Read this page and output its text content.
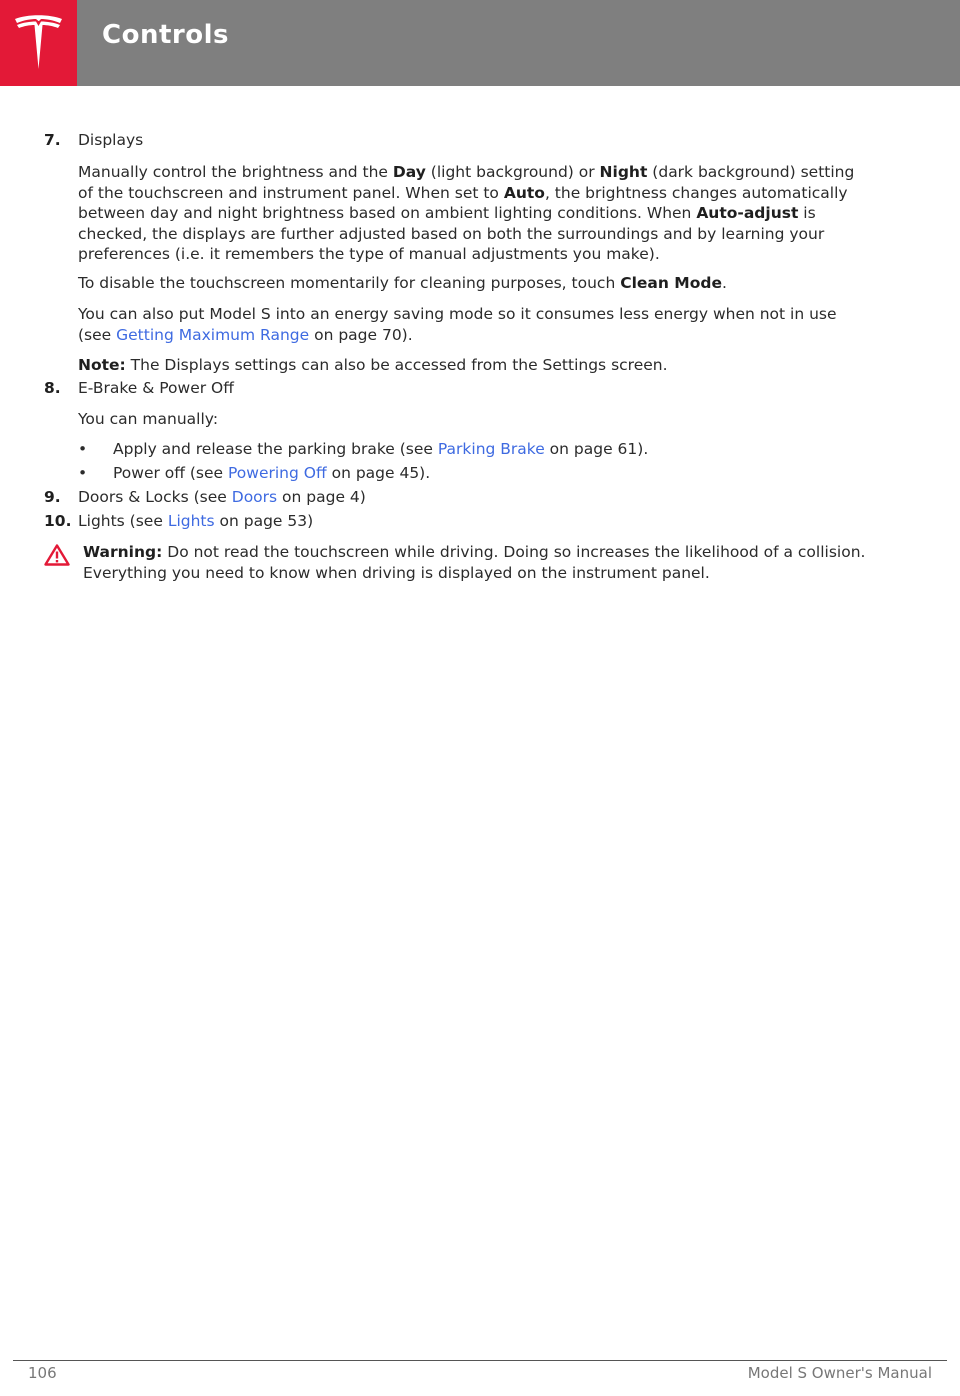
Controls
7. Displays
Manually control the brightness and the Day (light background) or Night (dark background) setting of the touchscreen and instrument panel. When set to Auto, the brightness changes automatically between day and night brightness based on ambient lighting conditions. When Auto-adjust is checked, the displays are further adjusted based on both the surroundings and by learning your preferences (i.e. it remembers the type of manual adjustments you make).
To disable the touchscreen momentarily for cleaning purposes, touch Clean Mode.
You can also put Model S into an energy saving mode so it consumes less energy when not in use (see Getting Maximum Range on page 70).
Note: The Displays settings can also be accessed from the Settings screen.
8. E-Brake & Power Off
You can manually:
• Apply and release the parking brake (see Parking Brake on page 61).
• Power off (see Powering Off on page 45).
9. Doors & Locks (see Doors on page 4)
10. Lights (see Lights on page 53)
Warning: Do not read the touchscreen while driving. Doing so increases the likelihood of a collision. Everything you need to know when driving is displayed on the instrument panel.
106	Model S Owner's Manual
